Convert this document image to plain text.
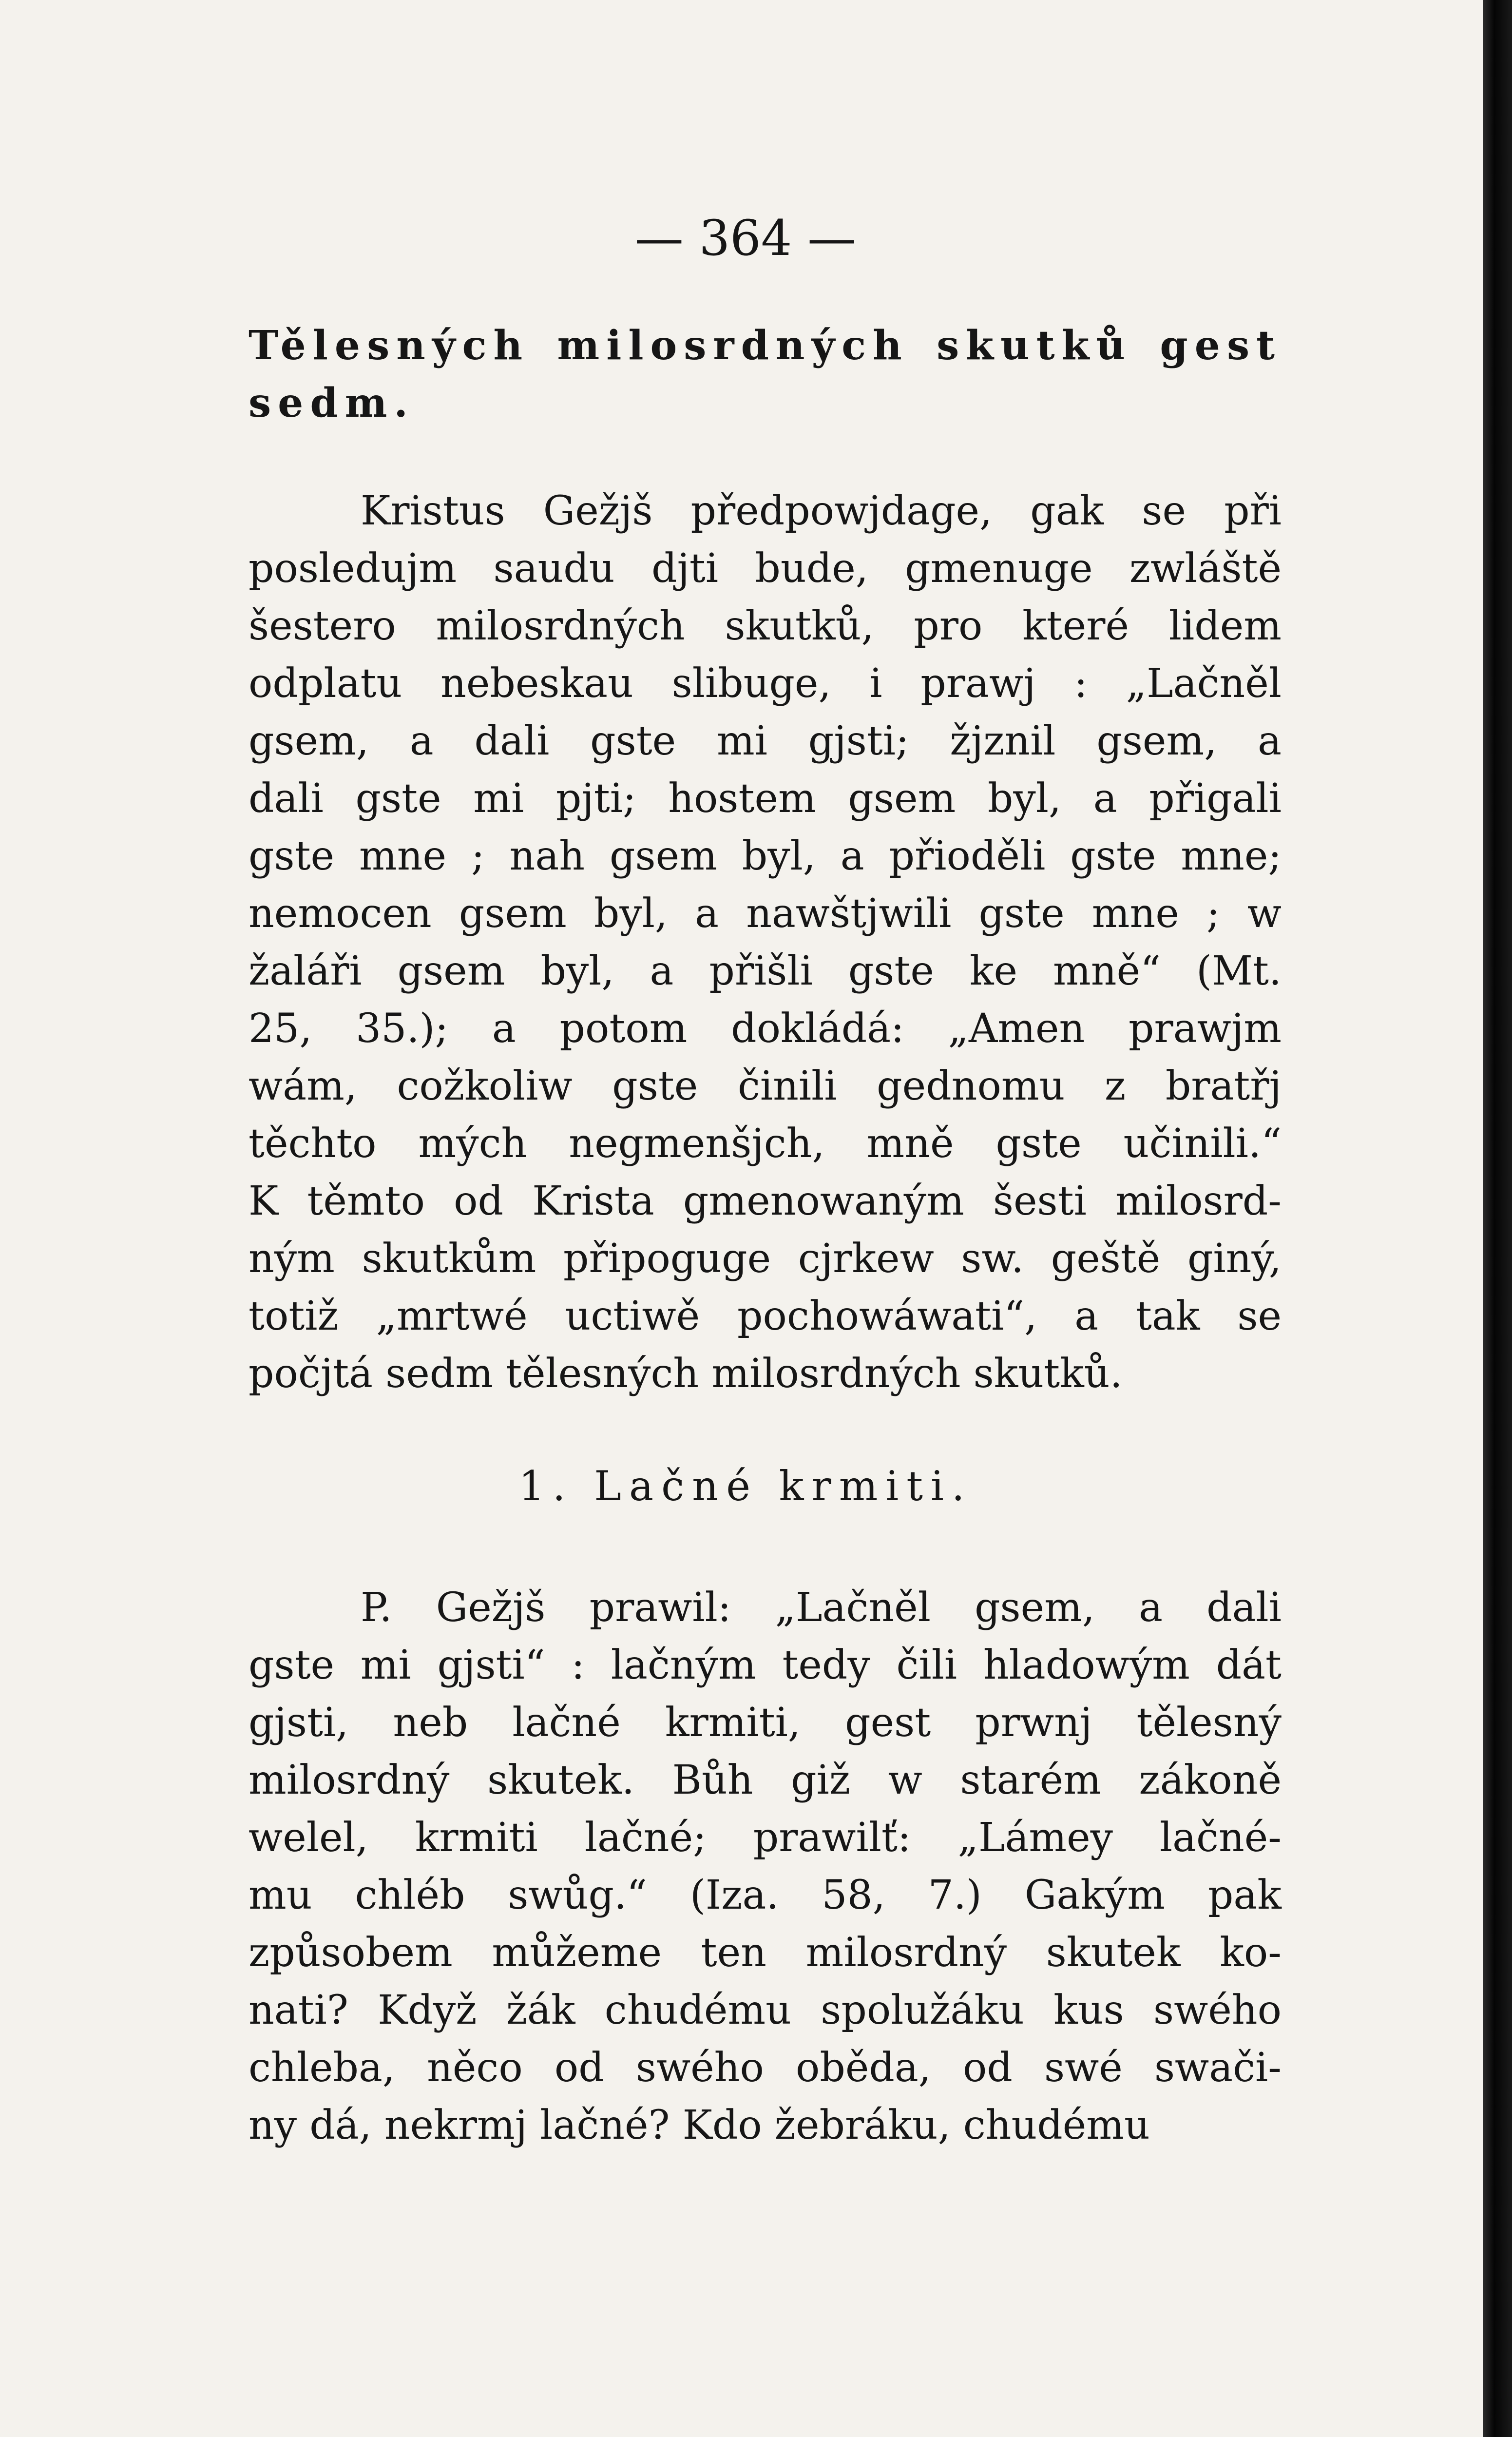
— 364 —
Tělesných milosrdných skutků gest
sedm.
Kristus Gežjš předpowjdage, gak se při
posledujm saudu djti bude, gmenuge zwláště
šestero milosrdných skutků, pro které lidem
odplatu nebeskau slibuge, i prawj : „Lačněl
gsem, a dali gste mi gjsti; žjznil gsem, a
dali gste mi pjti; hostem gsem byl, a přigali
gste mne ; nah gsem byl, a přioděli gste mne;
nemocen gsem byl, a nawštjwili gste mne ; w
žaláři gsem byl, a přišli gste ke mně“ (Mt.
25, 35.); a potom dokládá: „Amen prawjm
wám, cožkoliw gste činili gednomu z bratřj
těchto mých negmenšjch, mně gste učinili.“
K těmto od Krista gmenowaným šesti milosrd-
ným skutkům připoguge cjrkew sw. geště giný,
totiž „mrtwé uctiwě pochowáwati“, a tak se
počjtá sedm tělesných milosrdných skutků.
1. Lačné krmiti.
P. Gežjš prawil: „Lačněl gsem, a dali
gste mi gjsti“ : lačným tedy čili hladowým dát
gjsti, neb lačné krmiti, gest prwnj tělesný
milosrdný skutek. Bůh giž w starém zákoně
welel, krmiti lačné; prawilť: „Lámey lačné-
mu chléb swůg.“ (Iza. 58, 7.) Gakým pak
způsobem můžeme ten milosrdný skutek ko-
nati? Když žák chudému spolužáku kus swého
chleba, něco od swého oběda, od swé swači-
ny dá, nekrmj lačné? Kdo žebráku, chudému
